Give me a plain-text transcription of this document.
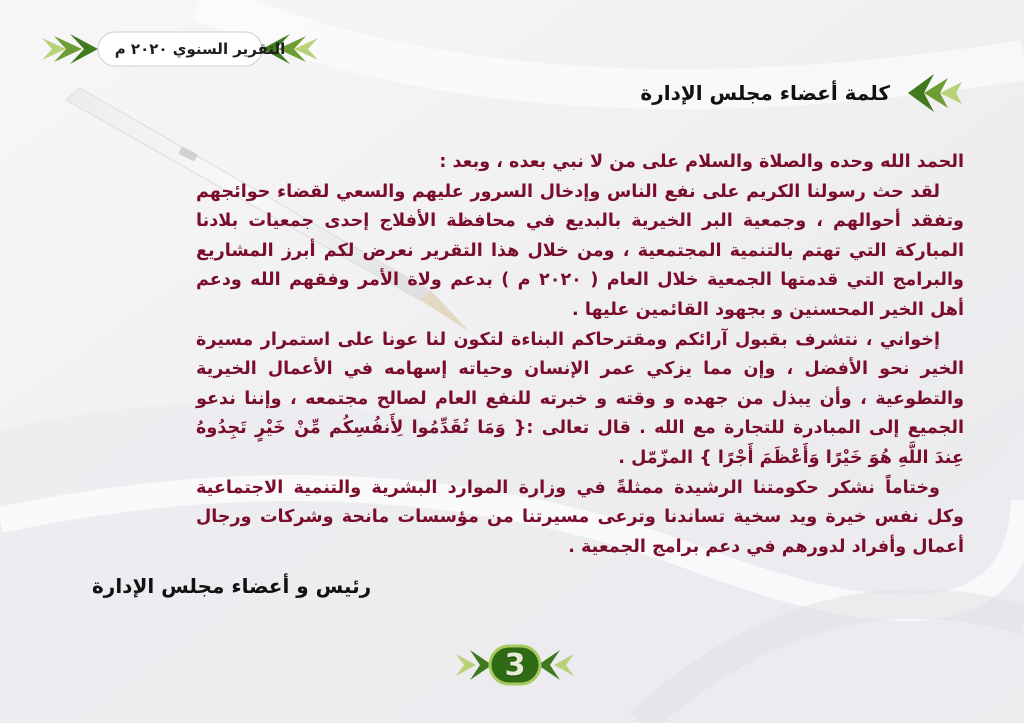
التقرير السنوي ٢٠٢٠ م
كلمة أعضاء مجلس الإدارة

الحمد الله وحده والصلاة والسلام على من لا نبي بعده ، وبعد :

لقد حث رسولنا الكريم على نفع الناس وإدخال السرور عليهم والسعي لقضاء حوائجهم وتفقد أحوالهم ، وجمعية البر الخيرية بالبديع في محافظة الأفلاج إحدى جمعيات بلادنا المباركة التي تهتم بالتنمية المجتمعية ، ومن خلال هذا التقرير نعرض لكم أبرز المشاريع والبرامج التي قدمتها الجمعية خلال العام ( ٢٠٢٠ م ) بدعم ولاة الأمر وفقهم الله ودعم أهل الخير المحسنين و بجهود القائمين عليها .

إخواني ، نتشرف بقبول آرائكم ومقترحاكم البناءة لتكون لنا عونا على استمرار مسيرة الخير نحو الأفضل ، وإن مما يزكي عمر الإنسان وحياته إسهامه في الأعمال الخيرية والتطوعية ، وأن يبذل من جهده و وقته و خبرته للنفع العام لصالح مجتمعه ، وإننا ندعو الجميع إلى المبادرة للتجارة مع الله . قال تعالى :{ وَمَا تُقَدِّمُوا لِأَنفُسِكُم مِّنْ خَيْرٍ تَجِدُوهُ عِندَ اللَّهِ هُوَ خَيْرًا وَأَعْظَمَ أَجْرًا } المزّمّل .

وختاماً نشكر حكومتنا الرشيدة ممثلةً في وزارة الموارد البشرية والتنمية الاجتماعية وكل نفس خيرة ويد سخية تساندنا وترعى مسيرتنا من مؤسسات مانحة وشركات ورجال أعمال وأفراد لدورهم في دعم برامج الجمعية .

رئيس و أعضاء مجلس الإدارة
3
